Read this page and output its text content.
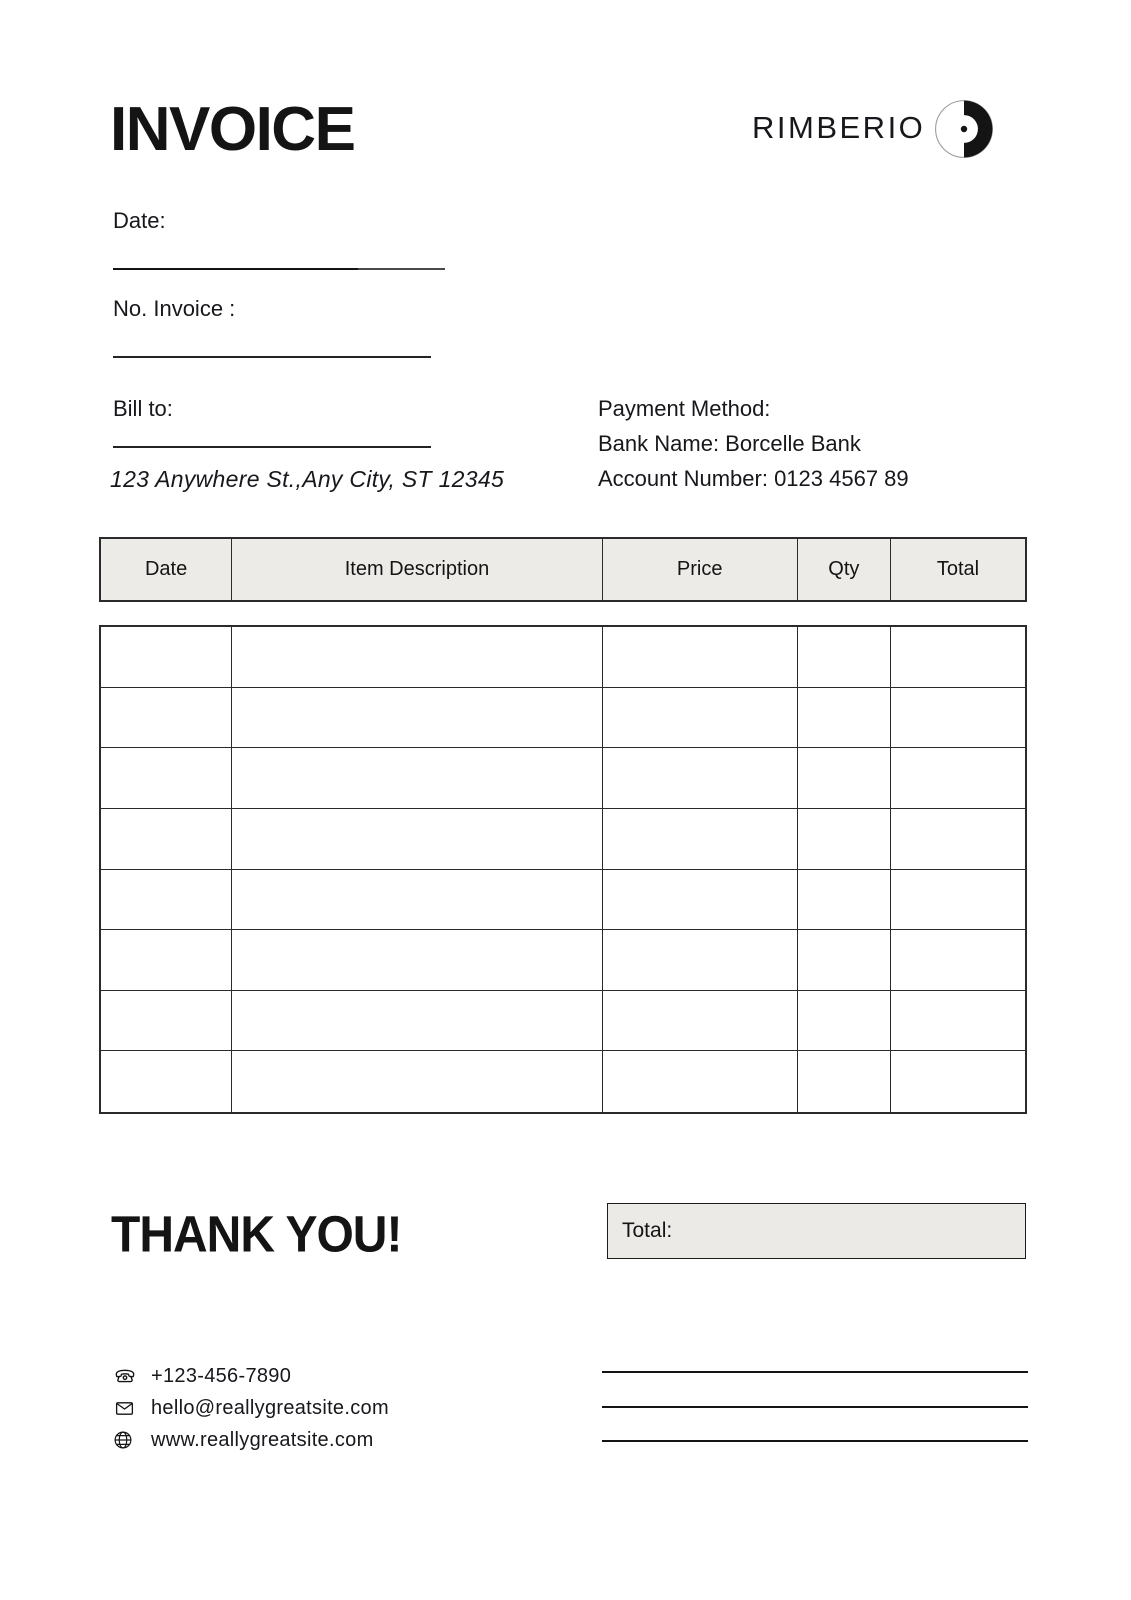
INVOICE	RIMBERIO
Date:
No. Invoice :
Bill to:
123 Anywhere St.,Any City, ST 12345
Payment Method:
Bank Name: Borcelle Bank
Account Number: 0123 4567 89
Date	Item Description	Price	Qty	Total
THANK YOU!	Total:
+123-456-7890
hello@reallygreatsite.com
www.reallygreatsite.com
